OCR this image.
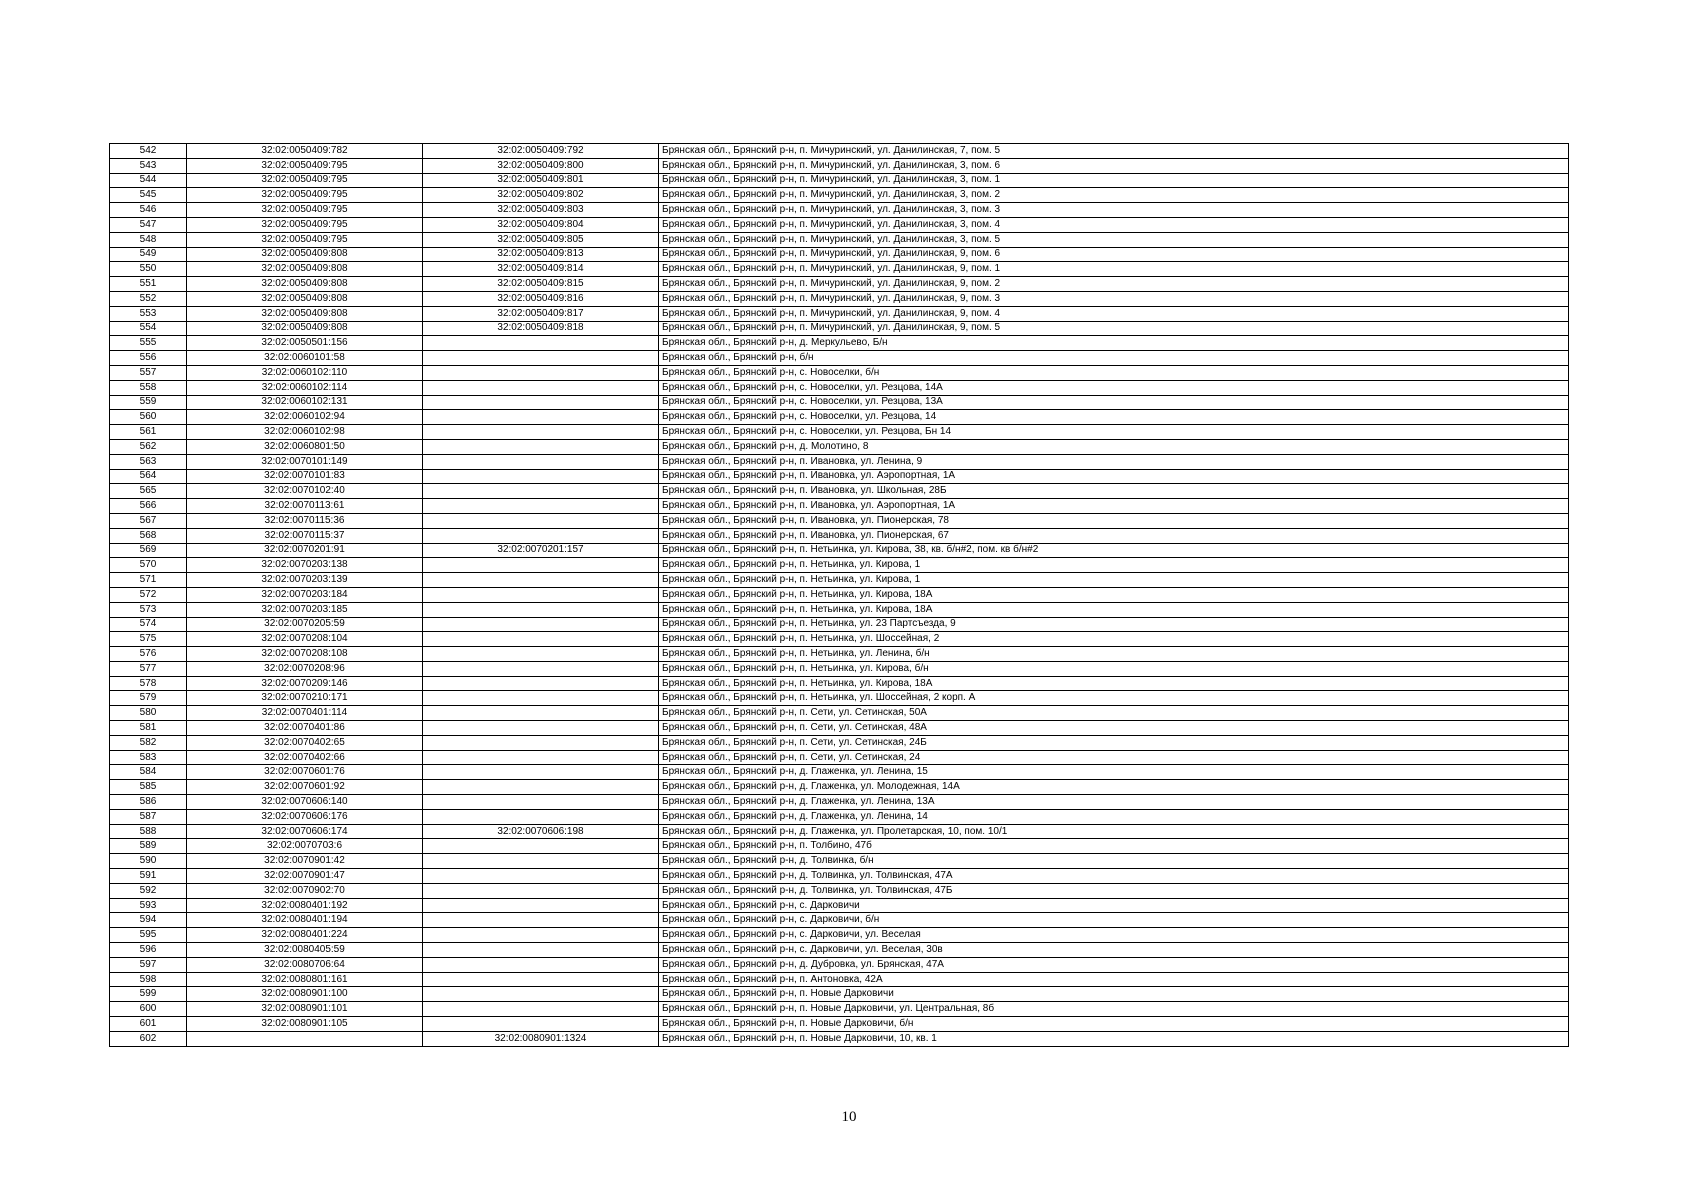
542	32:02:0050409:782	32:02:0050409:792	Брянская обл., Брянский р-н, п. Мичуринский, ул. Данилинская, 7, пом. 5
543	32:02:0050409:795	32:02:0050409:800	Брянская обл., Брянский р-н, п. Мичуринский, ул. Данилинская, 3, пом. 6
544	32:02:0050409:795	32:02:0050409:801	Брянская обл., Брянский р-н, п. Мичуринский, ул. Данилинская, 3, пом. 1
545	32:02:0050409:795	32:02:0050409:802	Брянская обл., Брянский р-н, п. Мичуринский, ул. Данилинская, 3, пом. 2
546	32:02:0050409:795	32:02:0050409:803	Брянская обл., Брянский р-н, п. Мичуринский, ул. Данилинская, 3, пом. 3
547	32:02:0050409:795	32:02:0050409:804	Брянская обл., Брянский р-н, п. Мичуринский, ул. Данилинская, 3, пом. 4
548	32:02:0050409:795	32:02:0050409:805	Брянская обл., Брянский р-н, п. Мичуринский, ул. Данилинская, 3, пом. 5
549	32:02:0050409:808	32:02:0050409:813	Брянская обл., Брянский р-н, п. Мичуринский, ул. Данилинская, 9, пом. 6
550	32:02:0050409:808	32:02:0050409:814	Брянская обл., Брянский р-н, п. Мичуринский, ул. Данилинская, 9, пом. 1
551	32:02:0050409:808	32:02:0050409:815	Брянская обл., Брянский р-н, п. Мичуринский, ул. Данилинская, 9, пом. 2
552	32:02:0050409:808	32:02:0050409:816	Брянская обл., Брянский р-н, п. Мичуринский, ул. Данилинская, 9, пом. 3
553	32:02:0050409:808	32:02:0050409:817	Брянская обл., Брянский р-н, п. Мичуринский, ул. Данилинская, 9, пом. 4
554	32:02:0050409:808	32:02:0050409:818	Брянская обл., Брянский р-н, п. Мичуринский, ул. Данилинская, 9, пом. 5
555	32:02:0050501:156		Брянская обл., Брянский р-н, д. Меркульево, Б/н
556	32:02:0060101:58		Брянская обл., Брянский р-н, б/н
557	32:02:0060102:110		Брянская обл., Брянский р-н, с. Новоселки, б/н
558	32:02:0060102:114		Брянская обл., Брянский р-н, с. Новоселки, ул. Резцова, 14А
559	32:02:0060102:131		Брянская обл., Брянский р-н, с. Новоселки, ул. Резцова, 13А
560	32:02:0060102:94		Брянская обл., Брянский р-н, с. Новоселки, ул. Резцова, 14
561	32:02:0060102:98		Брянская обл., Брянский р-н, с. Новоселки, ул. Резцова, Бн 14
562	32:02:0060801:50		Брянская обл., Брянский р-н, д. Молотино, 8
563	32:02:0070101:149		Брянская обл., Брянский р-н, п. Ивановка, ул. Ленина, 9
564	32:02:0070101:83		Брянская обл., Брянский р-н, п. Ивановка, ул. Аэропортная, 1А
565	32:02:0070102:40		Брянская обл., Брянский р-н, п. Ивановка, ул. Школьная, 28Б
566	32:02:0070113:61		Брянская обл., Брянский р-н, п. Ивановка, ул. Аэропортная, 1А
567	32:02:0070115:36		Брянская обл., Брянский р-н, п. Ивановка, ул. Пионерская, 78
568	32:02:0070115:37		Брянская обл., Брянский р-н, п. Ивановка, ул. Пионерская, 67
569	32:02:0070201:91	32:02:0070201:157	Брянская обл., Брянский р-н, п. Нетьинка, ул. Кирова, 38, кв. б/н#2, пом. кв б/н#2
570	32:02:0070203:138		Брянская обл., Брянский р-н, п. Нетьинка, ул. Кирова, 1
571	32:02:0070203:139		Брянская обл., Брянский р-н, п. Нетьинка, ул. Кирова, 1
572	32:02:0070203:184		Брянская обл., Брянский р-н, п. Нетьинка, ул. Кирова, 18А
573	32:02:0070203:185		Брянская обл., Брянский р-н, п. Нетьинка, ул. Кирова, 18А
574	32:02:0070205:59		Брянская обл., Брянский р-н, п. Нетьинка, ул. 23 Партсъезда, 9
575	32:02:0070208:104		Брянская обл., Брянский р-н, п. Нетьинка, ул. Шоссейная, 2
576	32:02:0070208:108		Брянская обл., Брянский р-н, п. Нетьинка, ул. Ленина, б/н
577	32:02:0070208:96		Брянская обл., Брянский р-н, п. Нетьинка, ул. Кирова, б/н
578	32:02:0070209:146		Брянская обл., Брянский р-н, п. Нетьинка, ул. Кирова, 18А
579	32:02:0070210:171		Брянская обл., Брянский р-н, п. Нетьинка, ул. Шоссейная, 2 корп. А
580	32:02:0070401:114		Брянская обл., Брянский р-н, п. Сети, ул. Сетинская, 50А
581	32:02:0070401:86		Брянская обл., Брянский р-н, п. Сети, ул. Сетинская, 48А
582	32:02:0070402:65		Брянская обл., Брянский р-н, п. Сети, ул. Сетинская, 24Б
583	32:02:0070402:66		Брянская обл., Брянский р-н, п. Сети, ул. Сетинская, 24
584	32:02:0070601:76		Брянская обл., Брянский р-н, д. Глаженка, ул. Ленина, 15
585	32:02:0070601:92		Брянская обл., Брянский р-н, д. Глаженка, ул. Молодежная, 14А
586	32:02:0070606:140		Брянская обл., Брянский р-н, д. Глаженка, ул. Ленина, 13А
587	32:02:0070606:176		Брянская обл., Брянский р-н, д. Глаженка, ул. Ленина, 14
588	32:02:0070606:174	32:02:0070606:198	Брянская обл., Брянский р-н, д. Глаженка, ул. Пролетарская, 10, пом. 10/1
589	32:02:0070703:6		Брянская обл., Брянский р-н, п. Толбино, 47б
590	32:02:0070901:42		Брянская обл., Брянский р-н, д. Толвинка, б/н
591	32:02:0070901:47		Брянская обл., Брянский р-н, д. Толвинка, ул. Толвинская, 47А
592	32:02:0070902:70		Брянская обл., Брянский р-н, д. Толвинка, ул. Толвинская, 47Б
593	32:02:0080401:192		Брянская обл., Брянский р-н, с. Дарковичи
594	32:02:0080401:194		Брянская обл., Брянский р-н, с. Дарковичи, б/н
595	32:02:0080401:224		Брянская обл., Брянский р-н, с. Дарковичи, ул. Веселая
596	32:02:0080405:59		Брянская обл., Брянский р-н, с. Дарковичи, ул. Веселая, 30в
597	32:02:0080706:64		Брянская обл., Брянский р-н, д. Дубровка, ул. Брянская, 47А
598	32:02:0080801:161		Брянская обл., Брянский р-н, п. Антоновка, 42А
599	32:02:0080901:100		Брянская обл., Брянский р-н, п. Новые Дарковичи
600	32:02:0080901:101		Брянская обл., Брянский р-н, п. Новые Дарковичи, ул. Центральная, 8б
601	32:02:0080901:105		Брянская обл., Брянский р-н, п. Новые Дарковичи, б/н
602		32:02:0080901:1324	Брянская обл., Брянский р-н, п. Новые Дарковичи, 10, кв. 1
10
